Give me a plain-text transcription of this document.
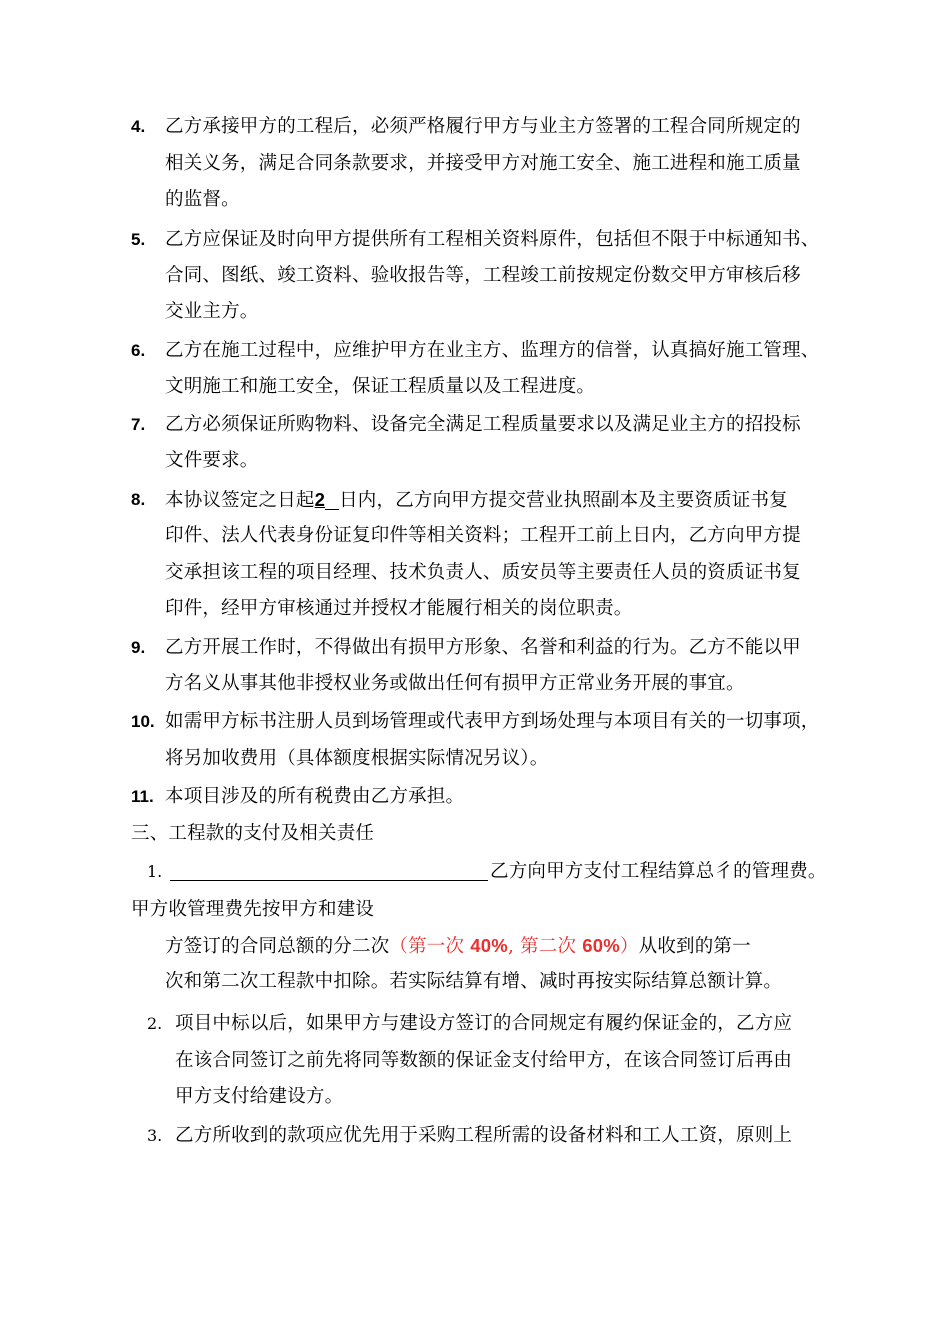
4. 乙方承接甲方的工程后，必须严格履行甲方与业主方签署的工程合同所规定的
相关义务，满足合同条款要求，并接受甲方对施工安全、施工进程和施工质量
的监督。
5. 乙方应保证及时向甲方提供所有工程相关资料原件，包括但不限于中标通知书、
合同、图纸、竣工资料、验收报告等，工程竣工前按规定份数交甲方审核后移
交业主方。
6. 乙方在施工过程中，应维护甲方在业主方、监理方的信誉，认真搞好施工管理、
文明施工和施工安全，保证工程质量以及工程进度。
7. 乙方必须保证所购物料、设备完全满足工程质量要求以及满足业主方的招投标
文件要求。
8. 本协议签定之日起2 日内，乙方向甲方提交营业执照副本及主要资质证书复
印件、法人代表身份证复印件等相关资料；工程开工前上日内，乙方向甲方提
交承担该工程的项目经理、技术负责人、质安员等主要责任人员的资质证书复
印件，经甲方审核通过并授权才能履行相关的岗位职责。
9. 乙方开展工作时，不得做出有损甲方形象、名誉和利益的行为。乙方不能以甲
方名义从事其他非授权业务或做出任何有损甲方正常业务开展的事宜。
10. 如需甲方标书注册人员到场管理或代表甲方到场处理与本项目有关的一切事项，
将另加收费用（具体额度根据实际情况另议）。
11. 本项目涉及的所有税费由乙方承担。
三、工程款的支付及相关责任
1.	乙方向甲方支付工程结算总彳的管理费。
甲方收管理费先按甲方和建设
方签订的合同总额的分二次（第一次 40%, 第二次 60%）从收到的第一
次和第二次工程款中扣除。若实际结算有增、减时再按实际结算总额计算。
2. 项目中标以后，如果甲方与建设方签订的合同规定有履约保证金的，乙方应
在该合同签订之前先将同等数额的保证金支付给甲方，在该合同签订后再由
甲方支付给建设方。
3. 乙方所收到的款项应优先用于采购工程所需的设备材料和工人工资，原则上
